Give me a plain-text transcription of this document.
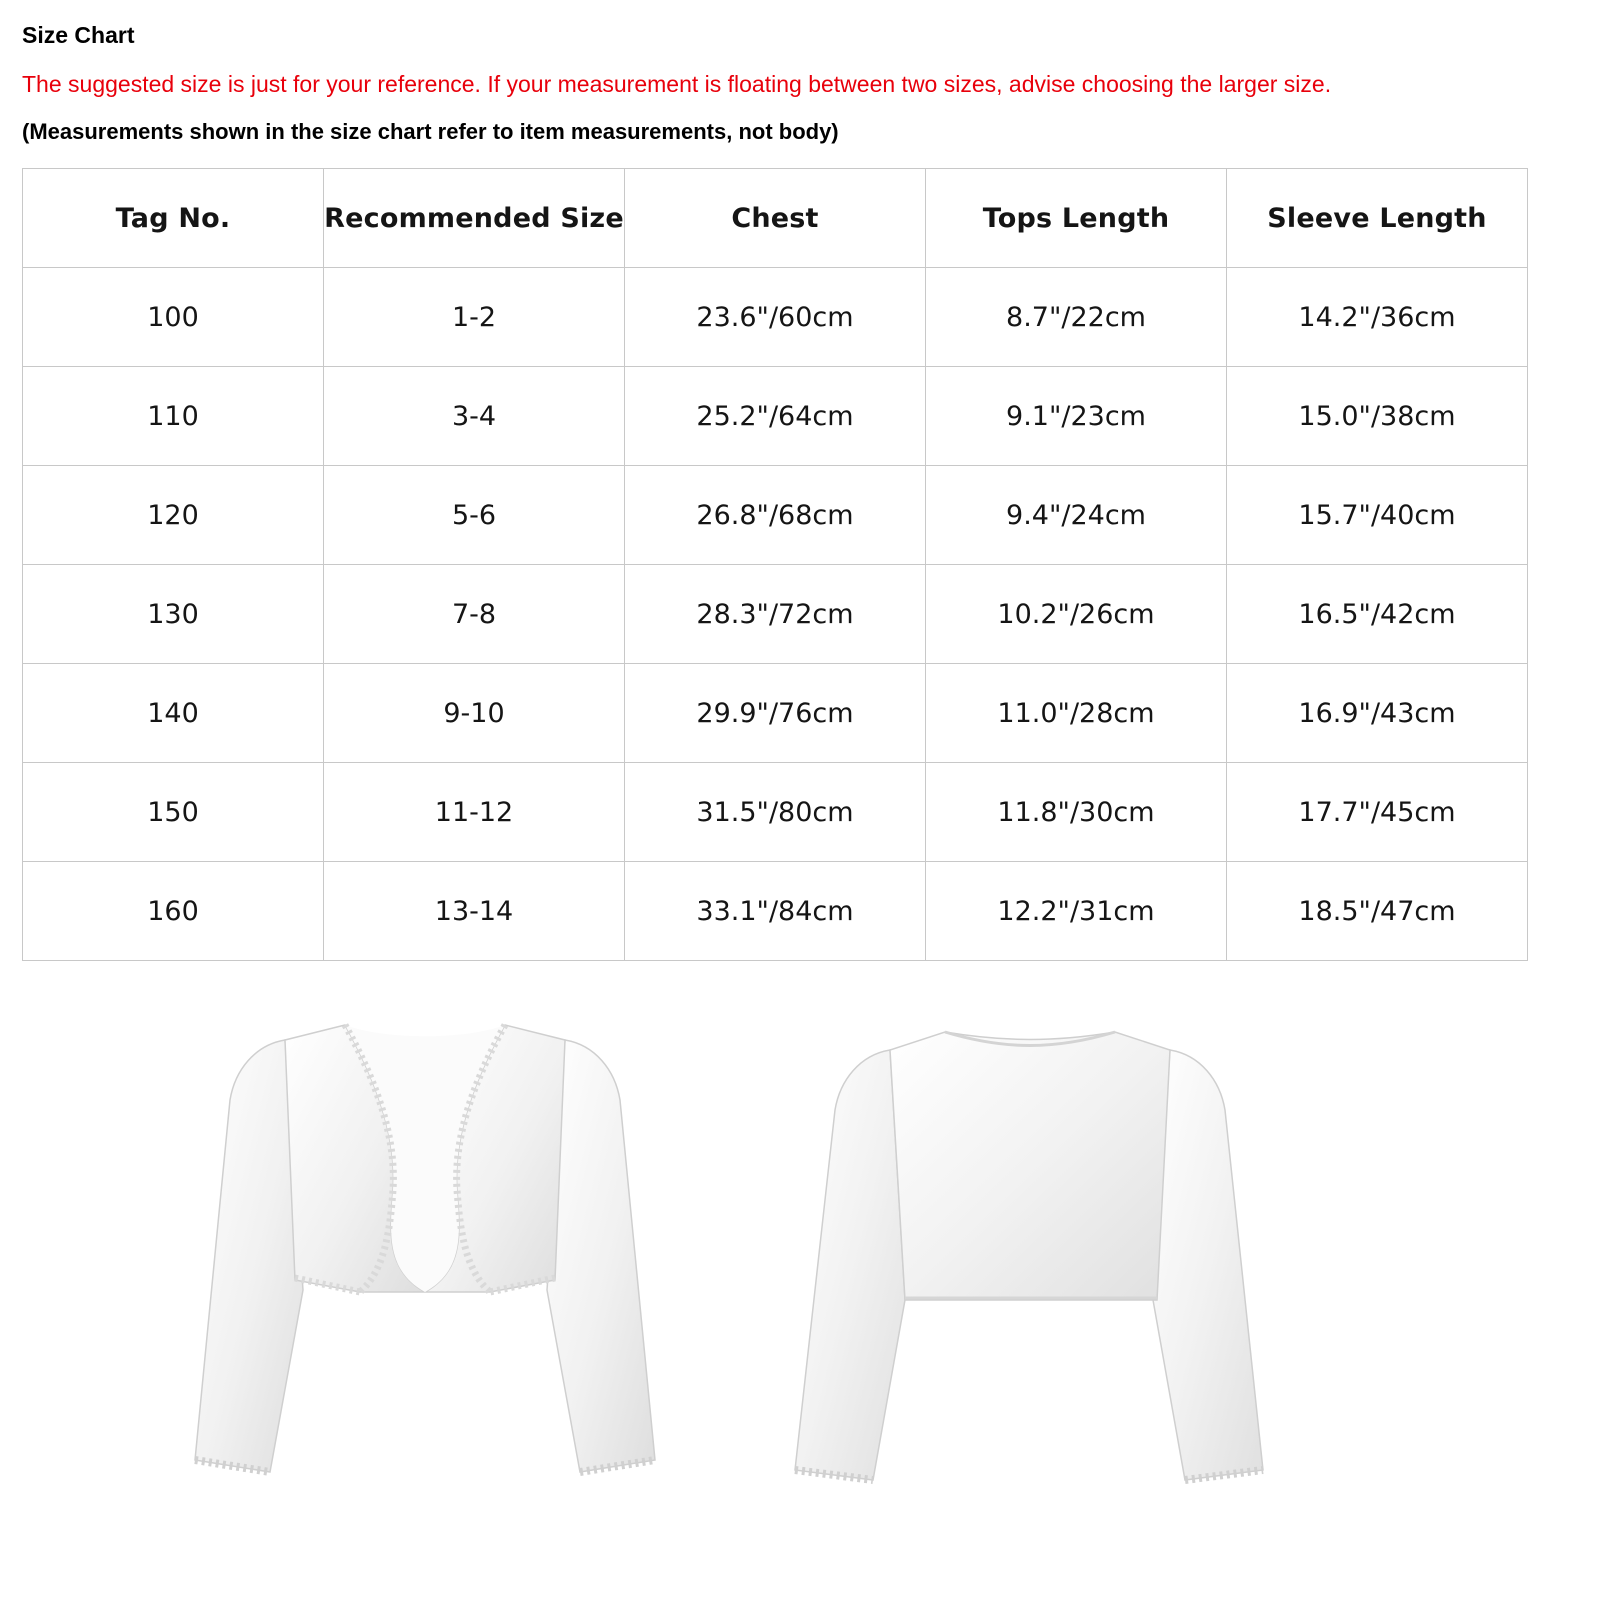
Size Chart
The suggested size is just for your reference. If your measurement is floating between two sizes, advise choosing the larger size.
(Measurements shown in the size chart refer to item measurements, not body)
Tag No.	Recommended Size	Chest	Tops Length	Sleeve Length
100	1-2	23.6"/60cm	8.7"/22cm	14.2"/36cm
110	3-4	25.2"/64cm	9.1"/23cm	15.0"/38cm
120	5-6	26.8"/68cm	9.4"/24cm	15.7"/40cm
130	7-8	28.3"/72cm	10.2"/26cm	16.5"/42cm
140	9-10	29.9"/76cm	11.0"/28cm	16.9"/43cm
150	11-12	31.5"/80cm	11.8"/30cm	17.7"/45cm
160	13-14	33.1"/84cm	12.2"/31cm	18.5"/47cm
